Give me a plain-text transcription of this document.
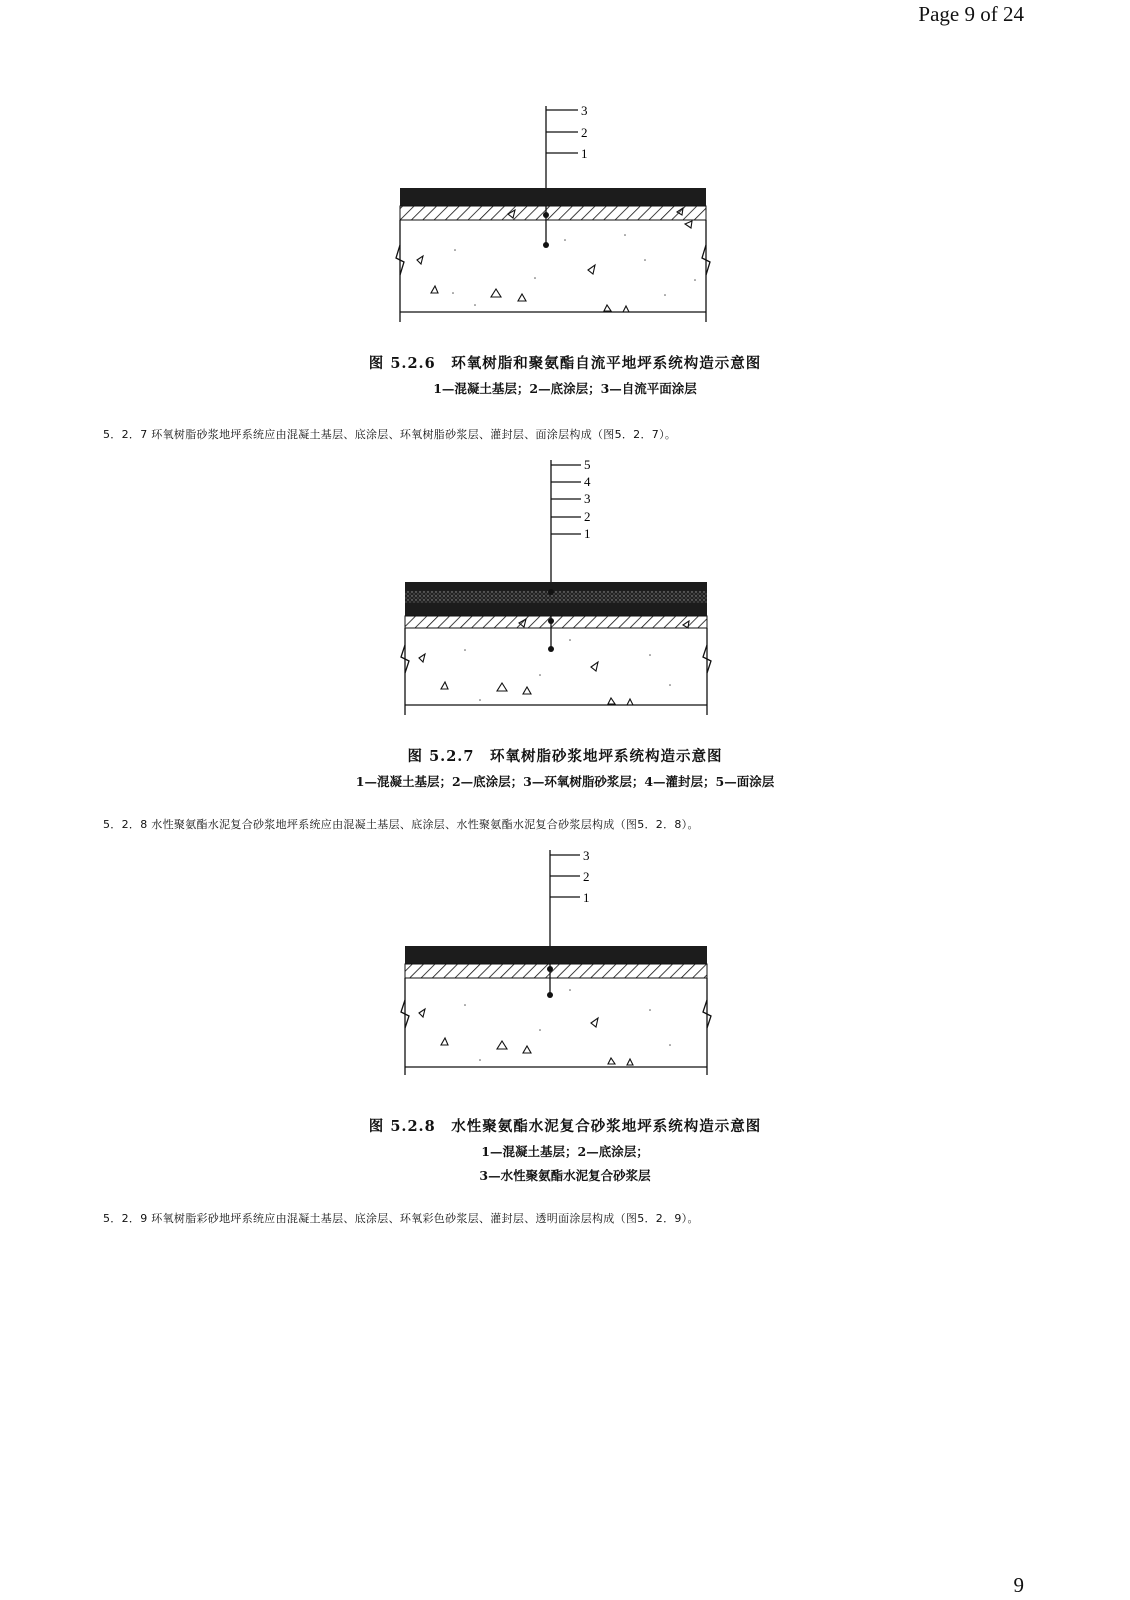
Page 9 of 24
3
2
1
图 5.2.6　环氧树脂和聚氨酯自流平地坪系统构造示意图
1—混凝土基层；2—底涂层；3—自流平面涂层
5．2．7 环氧树脂砂浆地坪系统应由混凝土基层、底涂层、环氧树脂砂浆层、灌封层、面涂层构成（图5．2．7）。
5
4
3
2
1
图 5.2.7　环氧树脂砂浆地坪系统构造示意图
1—混凝土基层；2—底涂层；3—环氧树脂砂浆层；4—灌封层；5—面涂层
5．2．8 水性聚氨酯水泥复合砂浆地坪系统应由混凝土基层、底涂层、水性聚氨酯水泥复合砂浆层构成（图5．2．8）。
3
2
1
图 5.2.8　水性聚氨酯水泥复合砂浆地坪系统构造示意图
1—混凝土基层；2—底涂层；
3—水性聚氨酯水泥复合砂浆层
5．2．9 环氧树脂彩砂地坪系统应由混凝土基层、底涂层、环氧彩色砂浆层、灌封层、透明面涂层构成（图5．2．9）。
9
